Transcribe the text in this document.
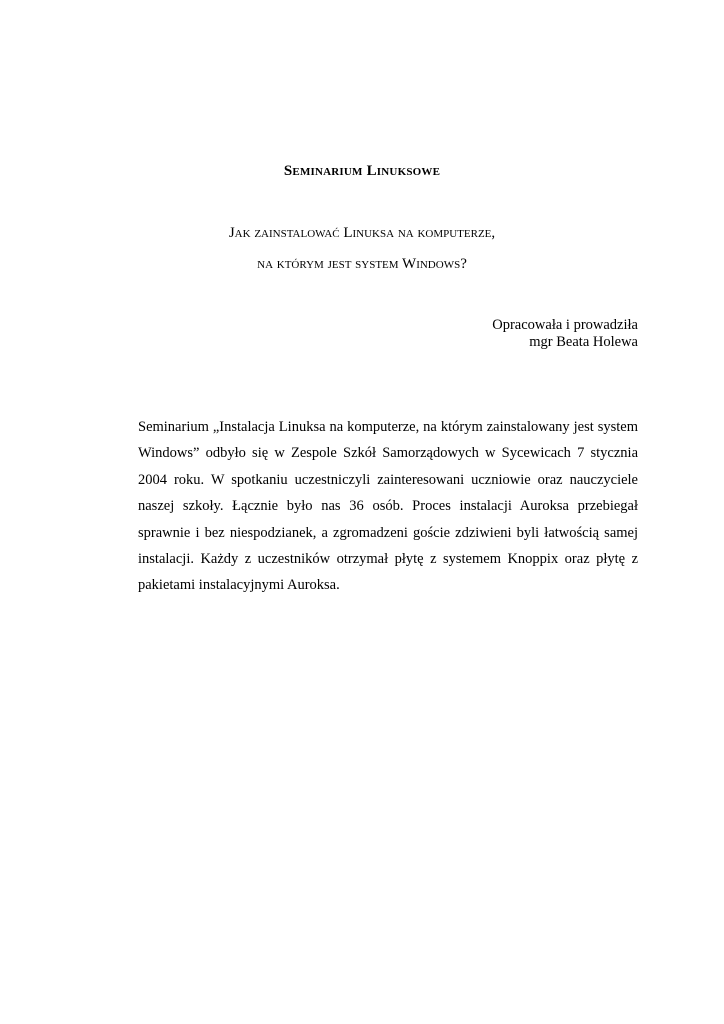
Seminarium Linuksowe

Jak zainstalować Linuksa na komputerze,

na którym jest system Windows?

Opracowała i prowadziła
mgr Beata Holewa

Seminarium „Instalacja Linuksa na komputerze, na którym zainstalowany jest system Windows” odbyło się w Zespole Szkół Samorządowych w Sycewicach 7 stycznia 2004 roku. W spotkaniu uczestniczyli zainteresowani uczniowie oraz nauczyciele naszej szkoły. Łącznie było nas 36 osób. Proces instalacji Auroksa przebiegał sprawnie i bez niespodzianek, a zgromadzeni goście zdziwieni byli łatwością samej instalacji. Każdy z uczestników otrzymał płytę z systemem Knoppix oraz płytę z pakietami instalacyjnymi Auroksa.
